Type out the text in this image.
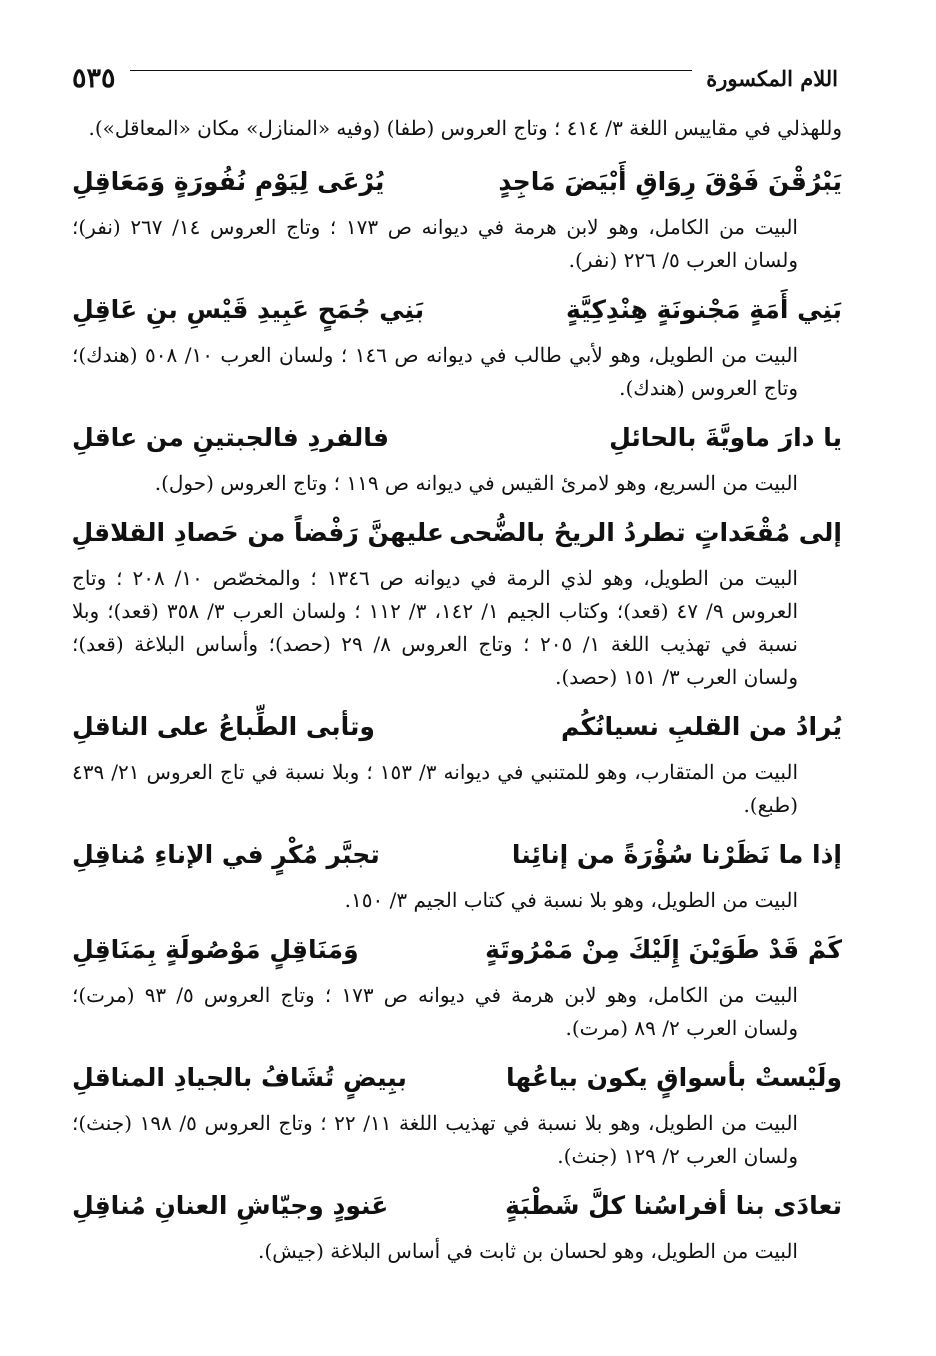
اللام المكسورة
٥٣٥

وللهذلي في مقاييس اللغة ٣/ ٤١٤ ؛ وتاج العروس (طفا) (وفيه «المنازل» مكان «المعاقل»).

يَبْرُقْنَ فَوْقَ رِوَاقِ أَبْيَضَ مَاجِدٍ
يُرْعَى لِيَوْمِ نُفُورَةٍ وَمَعَاقِلِ

البيت من الكامل، وهو لابن هرمة في ديوانه ص ١٧٣ ؛ وتاج العروس ١٤/ ٢٦٧ (نفر)؛ ولسان العرب ٥/ ٢٢٦ (نفر).

بَنِي أَمَةٍ مَجْنونَةٍ هِنْدِكِيَّةٍ
بَنِي جُمَحٍ عَبِيدِ قَيْسِ بنِ عَاقِلِ

البيت من الطويل، وهو لأبي طالب في ديوانه ص ١٤٦ ؛ ولسان العرب ١٠/ ٥٠٨ (هندك)؛ وتاج العروس (هندك).

يا دارَ ماويَّةَ بالحائلِ
فالفردِ فالجبتينِ من عاقلِ

البيت من السريع، وهو لامرئ القيس في ديوانه ص ١١٩ ؛ وتاج العروس (حول).

إلى مُقْعَداتٍ تطردُ الريحُ بالضُّحى
عليهنَّ رَفْضاً من حَصادِ القلاقلِ

البيت من الطويل، وهو لذي الرمة في ديوانه ص ١٣٤٦ ؛ والمخصّص ١٠/ ٢٠٨ ؛ وتاج العروس ٩/ ٤٧ (قعد)؛ وكتاب الجيم ١/ ١٤٢، ٣/ ١١٢ ؛ ولسان العرب ٣/ ٣٥٨ (قعد)؛ وبلا نسبة في تهذيب اللغة ١/ ٢٠٥ ؛ وتاج العروس ٨/ ٢٩ (حصد)؛ وأساس البلاغة (قعد)؛ ولسان العرب ٣/ ١٥١ (حصد).

يُرادُ من القلبِ نسيانُكُم
وتأبى الطِّباعُ على الناقلِ

البيت من المتقارب، وهو للمتنبي في ديوانه ٣/ ١٥٣ ؛ وبلا نسبة في تاج العروس ٢١/ ٤٣٩ (طبع).

إذا ما نَظَرْنا سُؤْرَةً من إنائِنا
تجبَّر مُكْرٍ في الإناءِ مُناقِلِ

البيت من الطويل، وهو بلا نسبة في كتاب الجيم ٣/ ١٥٠.

كَمْ قَدْ طَوَيْنَ إِلَيْكَ مِنْ مَمْرُوتَةٍ
وَمَنَاقِلٍ مَوْصُولَةٍ بِمَنَاقِلِ

البيت من الكامل، وهو لابن هرمة في ديوانه ص ١٧٣ ؛ وتاج العروس ٥/ ٩٣ (مرت)؛ ولسان العرب ٢/ ٨٩ (مرت).

ولَيْستْ بأسواقٍ يكون بياعُها
ببِيضٍ تُشَافُ بالجيادِ المناقلِ

البيت من الطويل، وهو بلا نسبة في تهذيب اللغة ١١/ ٢٢ ؛ وتاج العروس ٥/ ١٩٨ (جنث)؛ ولسان العرب ٢/ ١٢٩ (جنث).

تعادَى بنا أفراسُنا كلَّ شَطْبَةٍ
عَنودٍ وجيّاشِ العنانِ مُناقِلِ

البيت من الطويل، وهو لحسان بن ثابت في أساس البلاغة (جيش).
